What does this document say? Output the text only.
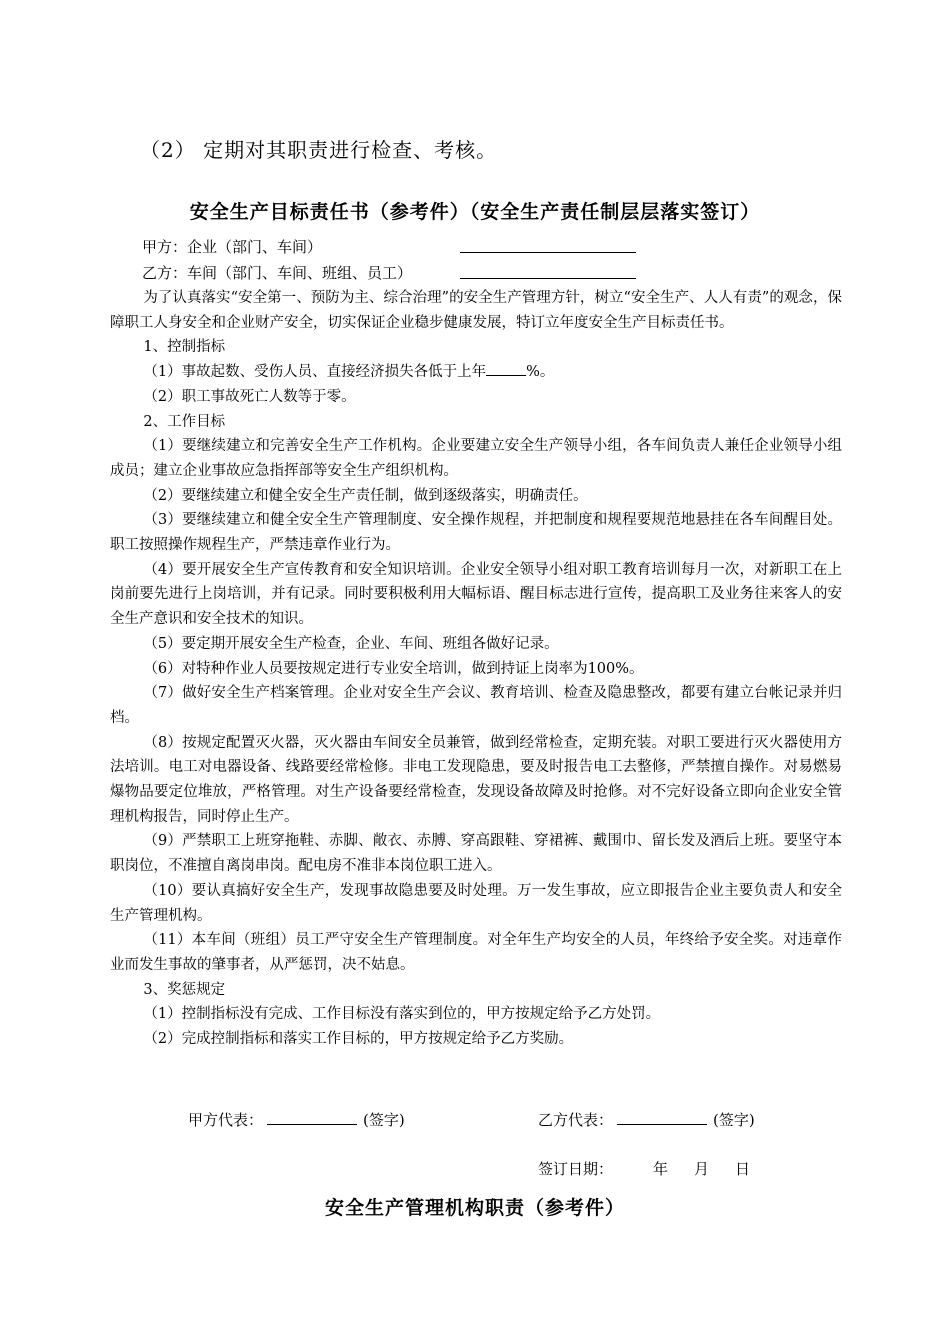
（2） 定期对其职责进行检查、考核。
安全生产目标责任书（参考件）（安全生产责任制层层落实签订）
甲方：企业（部门、车间）
乙方：车间（部门、车间、班组、员工）

为了认真落实“安全第一、预防为主、综合治理”的安全生产管理方针，树立“安全生产、人人有责”的观念，保障职工人身安全和企业财产安全，切实保证企业稳步健康发展，特订立年度安全生产目标责任书。

1、控制指标

（1）事故起数、受伤人员、直接经济损失各低于上年	%。

（2）职工事故死亡人数等于零。

2、工作目标

（1）要继续建立和完善安全生产工作机构。企业要建立安全生产领导小组，各车间负责人兼任企业领导小组成员；建立企业事故应急指挥部等安全生产组织机构。

（2）要继续建立和健全安全生产责任制，做到逐级落实，明确责任。

（3）要继续建立和健全安全生产管理制度、安全操作规程，并把制度和规程要规范地悬挂在各车间醒目处。职工按照操作规程生产，严禁违章作业行为。

（4）要开展安全生产宣传教育和安全知识培训。企业安全领导小组对职工教育培训每月一次，对新职工在上岗前要先进行上岗培训，并有记录。同时要积极利用大幅标语、醒目标志进行宣传，提高职工及业务往来客人的安全生产意识和安全技术的知识。

（5）要定期开展安全生产检查，企业、车间、班组各做好记录。

（6）对特种作业人员要按规定进行专业安全培训，做到持证上岗率为100%。

（7）做好安全生产档案管理。企业对安全生产会议、教育培训、检查及隐患整改，都要有建立台帐记录并归档。

（8）按规定配置灭火器，灭火器由车间安全员兼管，做到经常检查，定期充装。对职工要进行灭火器使用方法培训。电工对电器设备、线路要经常检修。非电工发现隐患，要及时报告电工去整修，严禁擅自操作。对易燃易爆物品要定位堆放，严格管理。对生产设备要经常检查，发现设备故障及时抢修。对不完好设备立即向企业安全管理机构报告，同时停止生产。

（9）严禁职工上班穿拖鞋、赤脚、敞衣、赤膊、穿高跟鞋、穿裙裤、戴围巾、留长发及酒后上班。要坚守本职岗位，不准擅自离岗串岗。配电房不准非本岗位职工进入。

（10）要认真搞好安全生产，发现事故隐患要及时处理。万一发生事故，应立即报告企业主要负责人和安全生产管理机构。

（11）本车间（班组）员工严守安全生产管理制度。对全年生产均安全的人员，年终给予安全奖。对违章作业而发生事故的肇事者，从严惩罚，决不姑息。

3、奖惩规定

（1）控制指标没有完成、工作目标没有落实到位的，甲方按规定给予乙方处罚。

（2）完成控制指标和落实工作目标的，甲方按规定给予乙方奖励。

甲方代表：	(签字)	乙方代表：	(签字)
签订日期：	年 月 日
安全生产管理机构职责（参考件）
